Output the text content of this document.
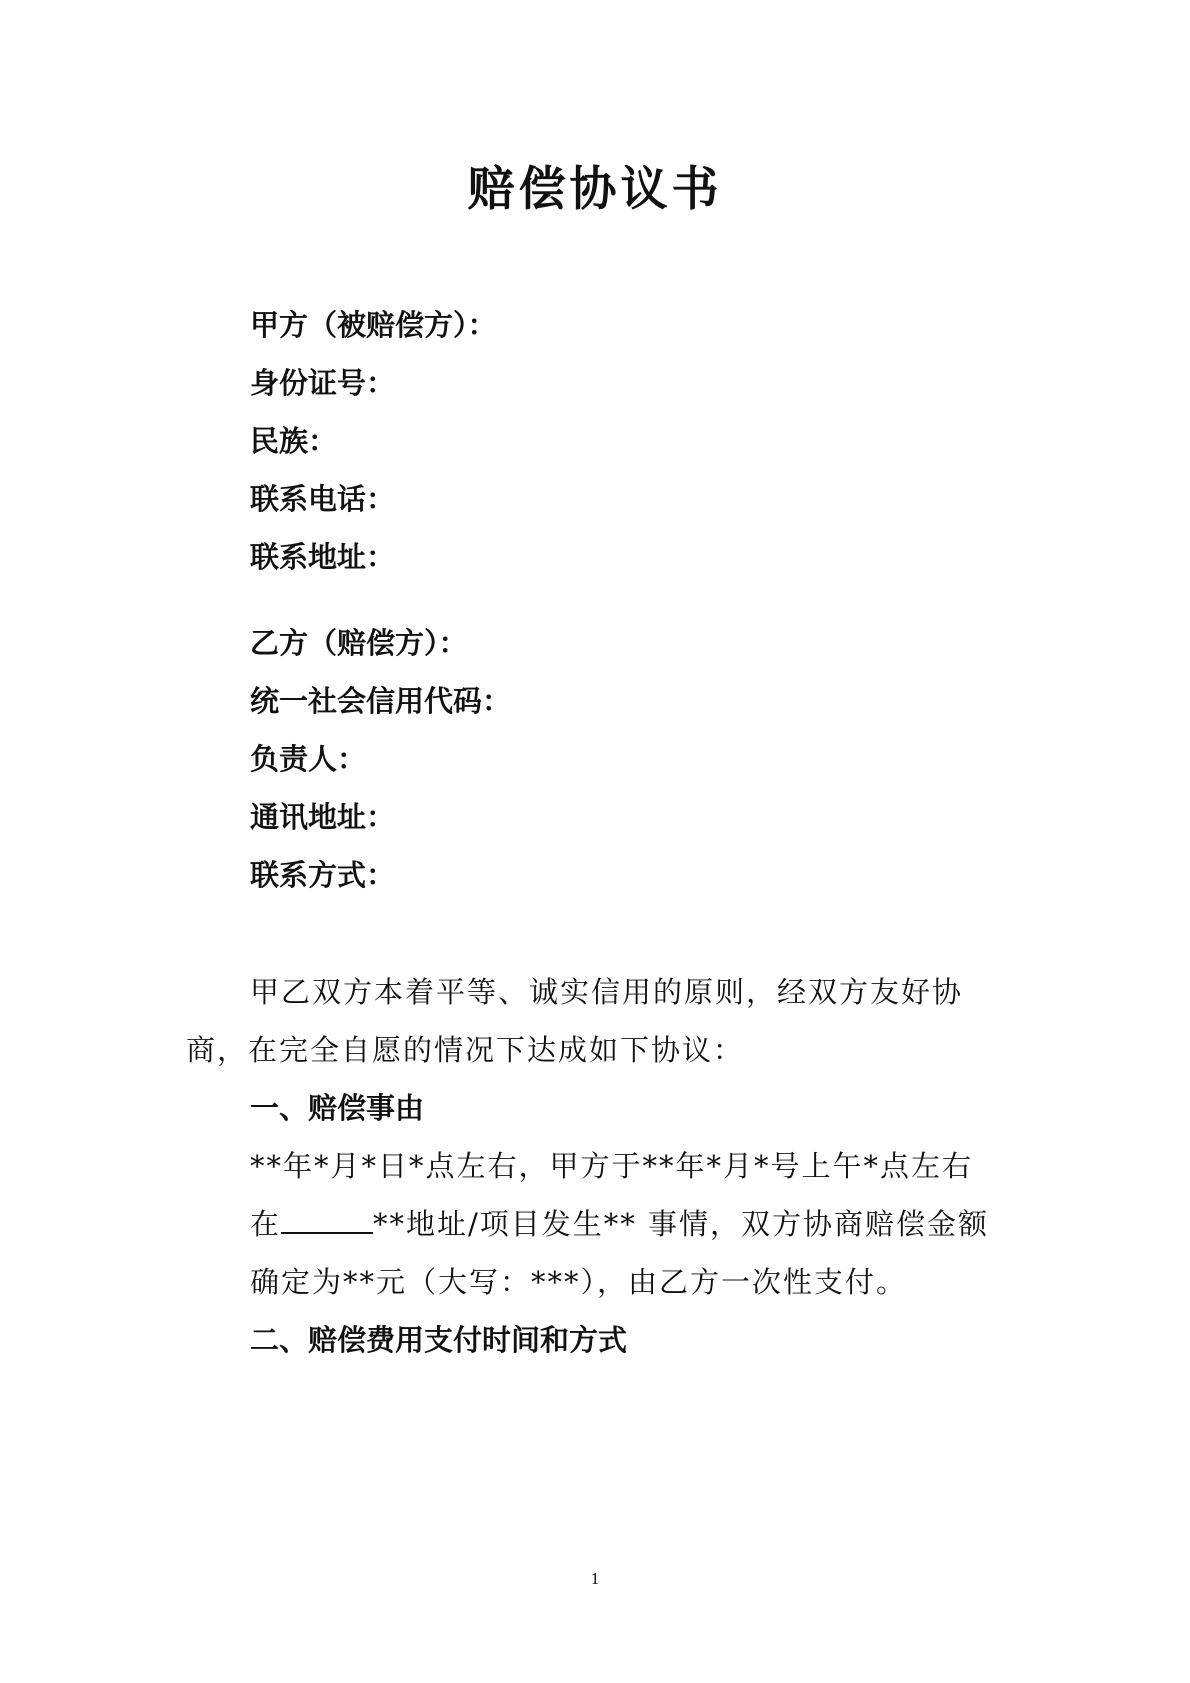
赔偿协议书
甲方（被赔偿方）：
身份证号：
民族：
联系电话：
联系地址：
乙方（赔偿方）：
统一社会信用代码：
负责人：
通讯地址：
联系方式：
甲乙双方本着平等、诚实信用的原则，经双方友好协
商，在完全自愿的情况下达成如下协议：
一、赔偿事由
**年*月*日*点左右，甲方于**年*月*号上午*点左右
在	**地址/项目发生** 事情，双方协商赔偿金额
确定为**元（大写：***），由乙方一次性支付。
二、赔偿费用支付时间和方式
1
